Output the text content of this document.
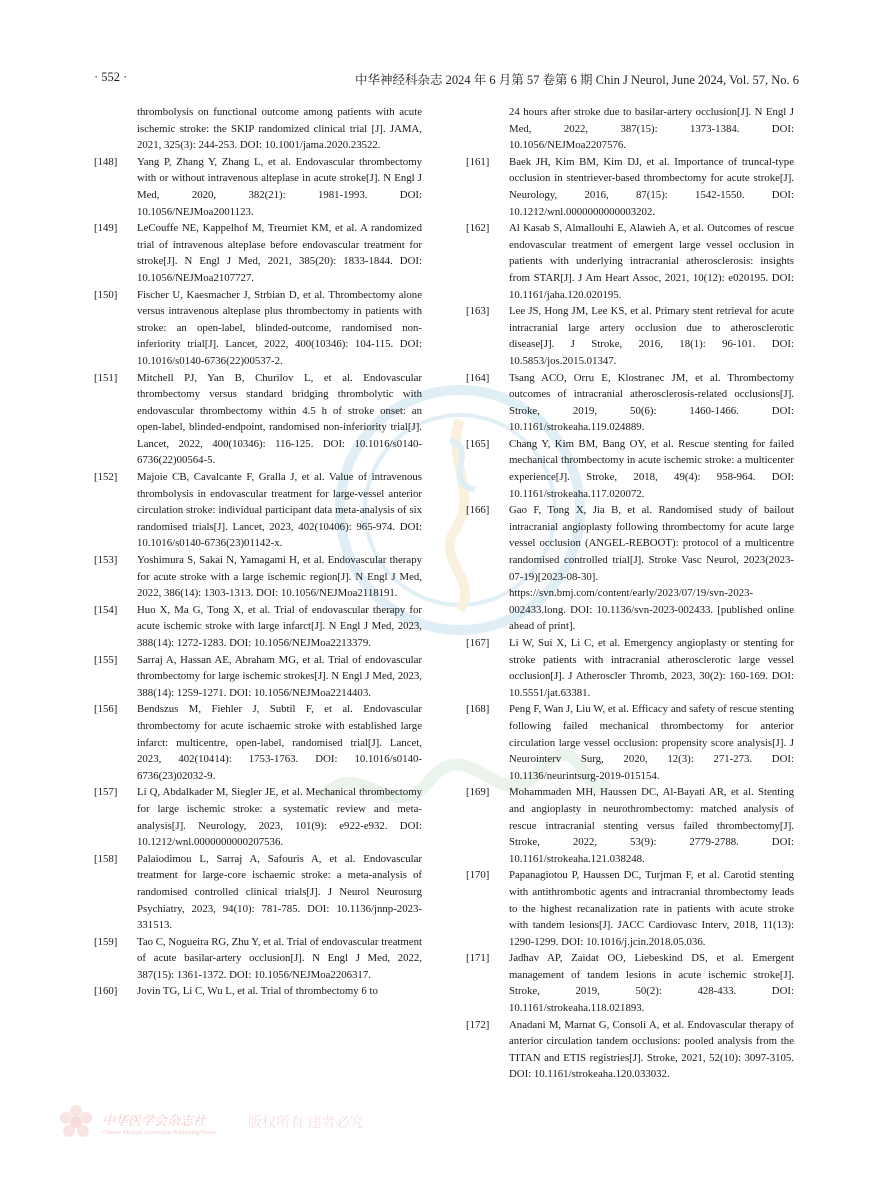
· 552 ·	中华神经科杂志 2024 年 6 月第 57 卷第 6 期 Chin J Neurol, June 2024, Vol. 57, No. 6
thrombolysis on functional outcome among patients with acute ischemic stroke: the SKIP randomized clinical trial [J]. JAMA, 2021, 325(3): 244-253. DOI: 10.1001/jama.2020.23522.
[148] Yang P, Zhang Y, Zhang L, et al. Endovascular thrombectomy with or without intravenous alteplase in acute stroke[J]. N Engl J Med, 2020, 382(21): 1981-1993. DOI: 10.1056/NEJMoa2001123.
[149] LeCouffe NE, Kappelhof M, Treurniet KM, et al. A randomized trial of intravenous alteplase before endovascular treatment for stroke[J]. N Engl J Med, 2021, 385(20): 1833-1844. DOI: 10.1056/NEJMoa2107727.
[150] Fischer U, Kaesmacher J, Strbian D, et al. Thrombectomy alone versus intravenous alteplase plus thrombectomy in patients with stroke: an open-label, blinded-outcome, randomised non-inferiority trial[J]. Lancet, 2022, 400(10346): 104-115. DOI: 10.1016/s0140-6736(22)00537-2.
[151] Mitchell PJ, Yan B, Churilov L, et al. Endovascular thrombectomy versus standard bridging thrombolytic with endovascular thrombectomy within 4.5 h of stroke onset: an open-label, blinded-endpoint, randomised non-inferiority trial[J]. Lancet, 2022, 400(10346): 116-125. DOI: 10.1016/s0140-6736(22)00564-5.
[152] Majoie CB, Cavalcante F, Gralla J, et al. Value of intravenous thrombolysis in endovascular treatment for large-vessel anterior circulation stroke: individual participant data meta-analysis of six randomised trials[J]. Lancet, 2023, 402(10406): 965-974. DOI: 10.1016/s0140-6736(23)01142-x.
[153] Yoshimura S, Sakai N, Yamagami H, et al. Endovascular therapy for acute stroke with a large ischemic region[J]. N Engl J Med, 2022, 386(14): 1303-1313. DOI: 10.1056/NEJMoa2118191.
[154] Huo X, Ma G, Tong X, et al. Trial of endovascular therapy for acute ischemic stroke with large infarct[J]. N Engl J Med, 2023, 388(14): 1272-1283. DOI: 10.1056/NEJMoa2213379.
[155] Sarraj A, Hassan AE, Abraham MG, et al. Trial of endovascular thrombectomy for large ischemic strokes[J]. N Engl J Med, 2023, 388(14): 1259-1271. DOI: 10.1056/NEJMoa2214403.
[156] Bendszus M, Fiehler J, Subtil F, et al. Endovascular thrombectomy for acute ischaemic stroke with established large infarct: multicentre, open-label, randomised trial[J]. Lancet, 2023, 402(10414): 1753-1763. DOI: 10.1016/s0140-6736(23)02032-9.
[157] Li Q, Abdalkader M, Siegler JE, et al. Mechanical thrombectomy for large ischemic stroke: a systematic review and meta-analysis[J]. Neurology, 2023, 101(9): e922-e932. DOI: 10.1212/wnl.0000000000207536.
[158] Palaiodimou L, Sarraj A, Safouris A, et al. Endovascular treatment for large-core ischaemic stroke: a meta-analysis of randomised controlled clinical trials[J]. J Neurol Neurosurg Psychiatry, 2023, 94(10): 781-785. DOI: 10.1136/jnnp-2023-331513.
[159] Tao C, Nogueira RG, Zhu Y, et al. Trial of endovascular treatment of acute basilar-artery occlusion[J]. N Engl J Med, 2022, 387(15): 1361-1372. DOI: 10.1056/NEJMoa2206317.
[160] Jovin TG, Li C, Wu L, et al. Trial of thrombectomy 6 to
24 hours after stroke due to basilar-artery occlusion[J]. N Engl J Med, 2022, 387(15): 1373-1384. DOI: 10.1056/NEJMoa2207576.
[161] Baek JH, Kim BM, Kim DJ, et al. Importance of truncal-type occlusion in stentriever-based thrombectomy for acute stroke[J]. Neurology, 2016, 87(15): 1542-1550. DOI: 10.1212/wnl.0000000000003202.
[162] Al Kasab S, Almallouhi E, Alawieh A, et al. Outcomes of rescue endovascular treatment of emergent large vessel occlusion in patients with underlying intracranial atherosclerosis: insights from STAR[J]. J Am Heart Assoc, 2021, 10(12): e020195. DOI: 10.1161/jaha.120.020195.
[163] Lee JS, Hong JM, Lee KS, et al. Primary stent retrieval for acute intracranial large artery occlusion due to atherosclerotic disease[J]. J Stroke, 2016, 18(1): 96-101. DOI: 10.5853/jos.2015.01347.
[164] Tsang ACO, Orru E, Klostranec JM, et al. Thrombectomy outcomes of intracranial atherosclerosis-related occlusions[J]. Stroke, 2019, 50(6): 1460-1466. DOI: 10.1161/strokeaha.119.024889.
[165] Chang Y, Kim BM, Bang OY, et al. Rescue stenting for failed mechanical thrombectomy in acute ischemic stroke: a multicenter experience[J]. Stroke, 2018, 49(4): 958-964. DOI: 10.1161/strokeaha.117.020072.
[166] Gao F, Tong X, Jia B, et al. Randomised study of bailout intracranial angioplasty following thrombectomy for acute large vessel occlusion (ANGEL-REBOOT): protocol of a multicentre randomised controlled trial[J]. Stroke Vasc Neurol, 2023(2023-07-19)[2023-08-30]. https://svn.bmj.com/content/early/2023/07/19/svn-2023-002433.long. DOI: 10.1136/svn-2023-002433. [published online ahead of print].
[167] Li W, Sui X, Li C, et al. Emergency angioplasty or stenting for stroke patients with intracranial atherosclerotic large vessel occlusion[J]. J Atheroscler Thromb, 2023, 30(2): 160-169. DOI: 10.5551/jat.63381.
[168] Peng F, Wan J, Liu W, et al. Efficacy and safety of rescue stenting following failed mechanical thrombectomy for anterior circulation large vessel occlusion: propensity score analysis[J]. J Neurointerv Surg, 2020, 12(3): 271-273. DOI: 10.1136/neurintsurg-2019-015154.
[169] Mohammaden MH, Haussen DC, Al-Bayati AR, et al. Stenting and angioplasty in neurothrombectomy: matched analysis of rescue intracranial stenting versus failed thrombectomy[J]. Stroke, 2022, 53(9): 2779-2788. DOI: 10.1161/strokeaha.121.038248.
[170] Papanagiotou P, Haussen DC, Turjman F, et al. Carotid stenting with antithrombotic agents and intracranial thrombectomy leads to the highest recanalization rate in patients with acute stroke with tandem lesions[J]. JACC Cardiovasc Interv, 2018, 11(13): 1290-1299. DOI: 10.1016/j.jcin.2018.05.036.
[171] Jadhav AP, Zaidat OO, Liebeskind DS, et al. Emergent management of tandem lesions in acute ischemic stroke[J]. Stroke, 2019, 50(2): 428-433. DOI: 10.1161/strokeaha.118.021893.
[172] Anadani M, Marnat G, Consoli A, et al. Endovascular therapy of anterior circulation tandem occlusions: pooled analysis from the TITAN and ETIS registries[J]. Stroke, 2021, 52(10): 3097-3105. DOI: 10.1161/strokeaha.120.033032.
中华医学会杂志社
Chinese Medical Association Publishing House
版权所有 违者必究
